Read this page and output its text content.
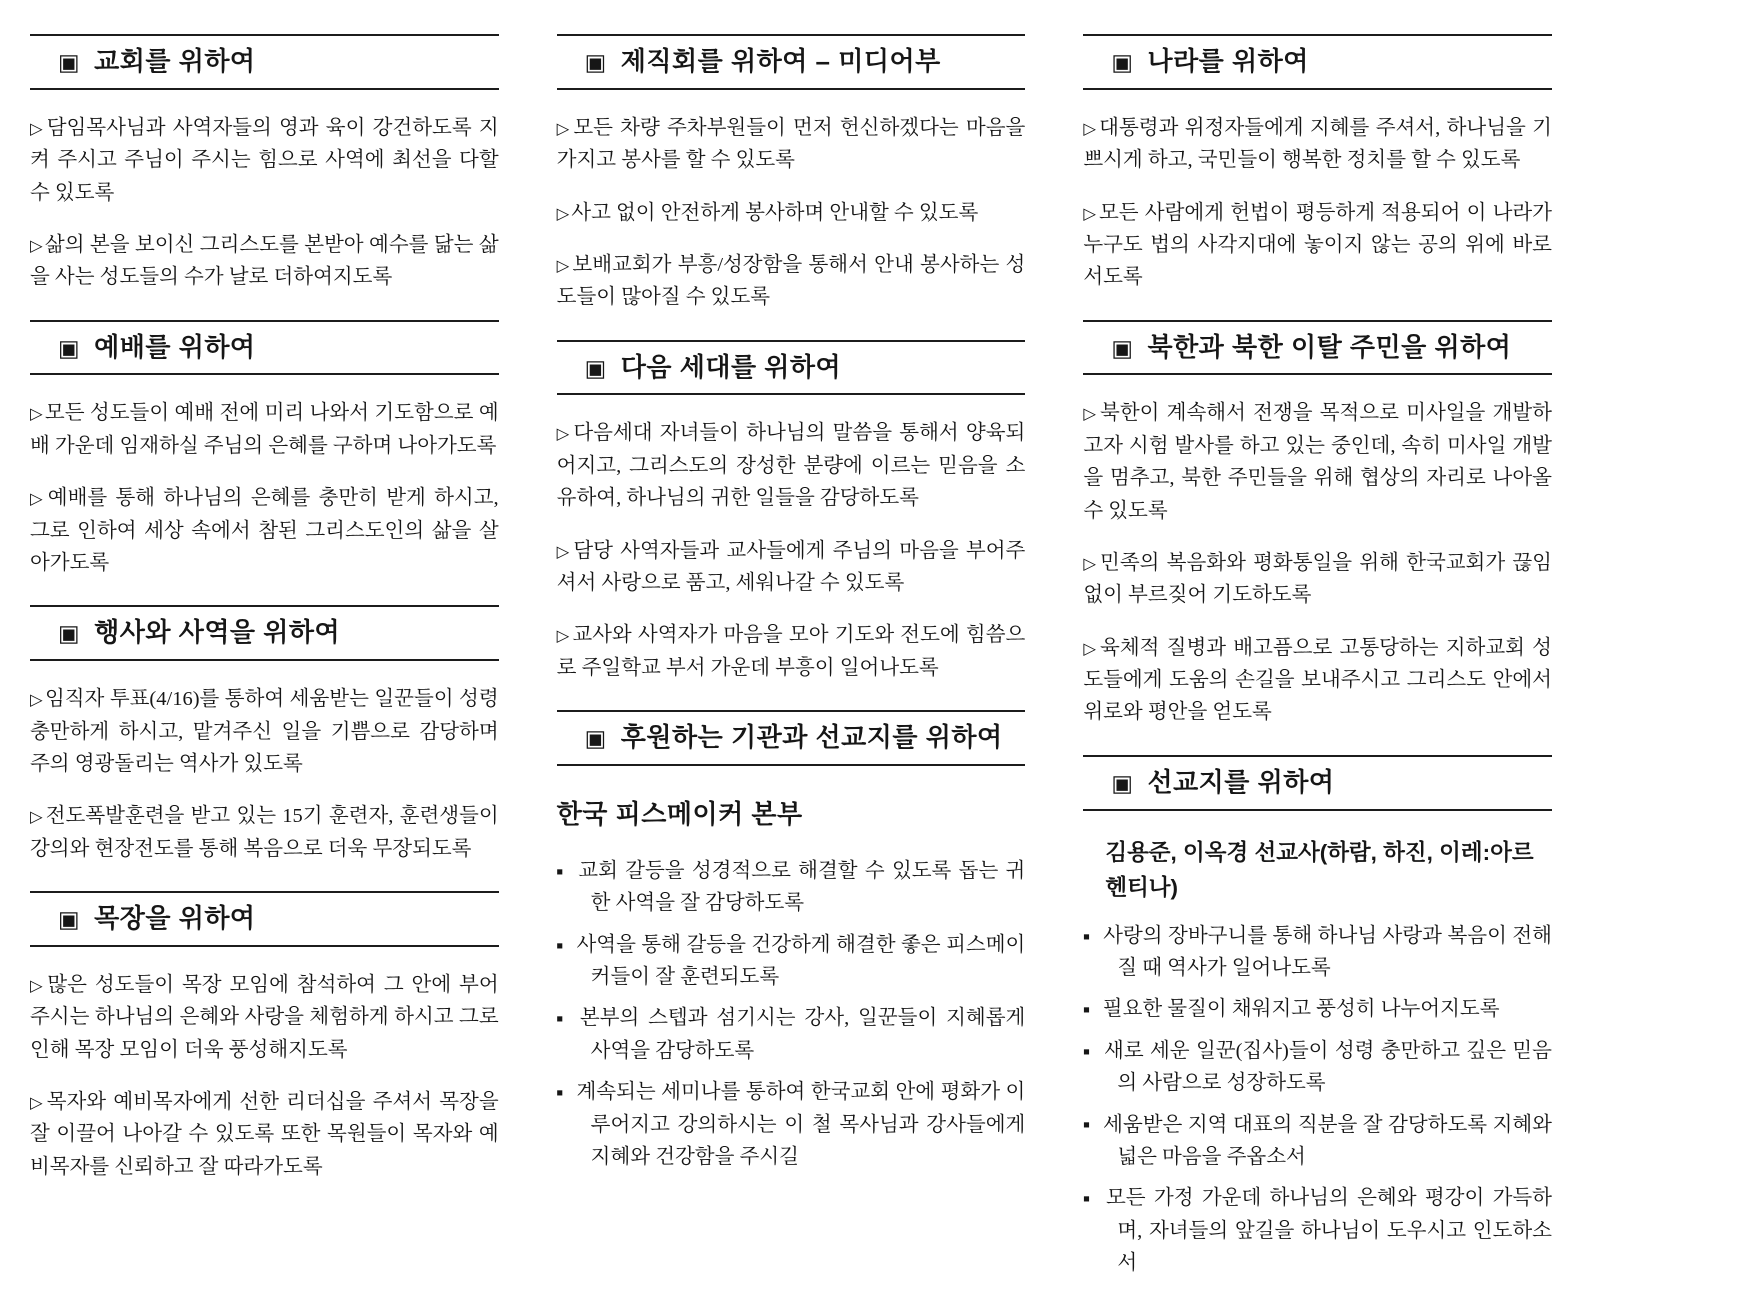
▣ 교회를 위하여

▷담임목사님과 사역자들의 영과 육이 강건하도록 지켜 주시고 주님이 주시는 힘으로 사역에 최선을 다할 수 있도록

▷삶의 본을 보이신 그리스도를 본받아 예수를 닮는 삶을 사는 성도들의 수가 날로 더하여지도록

▣ 예배를 위하여

▷모든 성도들이 예배 전에 미리 나와서 기도함으로 예배 가운데 임재하실 주님의 은혜를 구하며 나아가도록

▷예배를 통해 하나님의 은혜를 충만히 받게 하시고, 그로 인하여 세상 속에서 참된 그리스도인의 삶을 살아가도록

▣ 행사와 사역을 위하여

▷임직자 투표(4/16)를 통하여 세움받는 일꾼들이 성령 충만하게 하시고, 맡겨주신 일을 기쁨으로 감당하며 주의 영광돌리는 역사가 있도록

▷전도폭발훈련을 받고 있는 15기 훈련자, 훈련생들이 강의와 현장전도를 통해 복음으로 더욱 무장되도록

▣ 목장을 위하여

▷많은 성도들이 목장 모임에 참석하여 그 안에 부어 주시는 하나님의 은혜와 사랑을 체험하게 하시고 그로 인해 목장 모임이 더욱 풍성해지도록

▷목자와 예비목자에게 선한 리더십을 주셔서 목장을 잘 이끌어 나아갈 수 있도록 또한 목원들이 목자와 예비목자를 신뢰하고 잘 따라가도록

▣ 제직회를 위하여 – 미디어부

▷모든 차량 주차부원들이 먼저 헌신하겠다는 마음을 가지고 봉사를 할 수 있도록

▷사고 없이 안전하게 봉사하며 안내할 수 있도록

▷보배교회가 부흥/성장함을 통해서 안내 봉사하는 성도들이 많아질 수 있도록

▣ 다음 세대를 위하여

▷다음세대 자녀들이 하나님의 말씀을 통해서 양육되어지고, 그리스도의 장성한 분량에 이르는 믿음을 소유하여, 하나님의 귀한 일들을 감당하도록

▷담당 사역자들과 교사들에게 주님의 마음을 부어주셔서 사랑으로 품고, 세워나갈 수 있도록

▷교사와 사역자가 마음을 모아 기도와 전도에 힘씀으로 주일학교 부서 가운데 부흥이 일어나도록

▣ 후원하는 기관과 선교지를 위하여
한국 피스메이커 본부

■ 교회 갈등을 성경적으로 해결할 수 있도록 돕는 귀한 사역을 잘 감당하도록

■ 사역을 통해 갈등을 건강하게 해결한 좋은 피스메이커들이 잘 훈련되도록

■ 본부의 스텝과 섬기시는 강사, 일꾼들이 지혜롭게 사역을 감당하도록

■ 계속되는 세미나를 통하여 한국교회 안에 평화가 이루어지고 강의하시는 이 철 목사님과 강사들에게 지혜와 건강함을 주시길

▣ 나라를 위하여

▷대통령과 위정자들에게 지혜를 주셔서, 하나님을 기쁘시게 하고, 국민들이 행복한 정치를 할 수 있도록

▷모든 사람에게 헌법이 평등하게 적용되어 이 나라가 누구도 법의 사각지대에 놓이지 않는 공의 위에 바로 서도록

▣ 북한과 북한 이탈 주민을 위하여

▷북한이 계속해서 전쟁을 목적으로 미사일을 개발하고자 시험 발사를 하고 있는 중인데, 속히 미사일 개발을 멈추고, 북한 주민들을 위해 협상의 자리로 나아올 수 있도록

▷민족의 복음화와 평화통일을 위해 한국교회가 끊임없이 부르짖어 기도하도록

▷육체적 질병과 배고픔으로 고통당하는 지하교회 성도들에게 도움의 손길을 보내주시고 그리스도 안에서 위로와 평안을 얻도록

▣ 선교지를 위하여
김용준, 이옥경 선교사(하람, 하진, 이레:아르헨티나)

■ 사랑의 장바구니를 통해 하나님 사랑과 복음이 전해질 때 역사가 일어나도록

■ 필요한 물질이 채워지고 풍성히 나누어지도록

■ 새로 세운 일꾼(집사)들이 성령 충만하고 깊은 믿음의 사람으로 성장하도록

■ 세움받은 지역 대표의 직분을 잘 감당하도록 지혜와 넓은 마음을 주옵소서

■ 모든 가정 가운데 하나님의 은혜와 평강이 가득하며, 자녀들의 앞길을 하나님이 도우시고 인도하소서
